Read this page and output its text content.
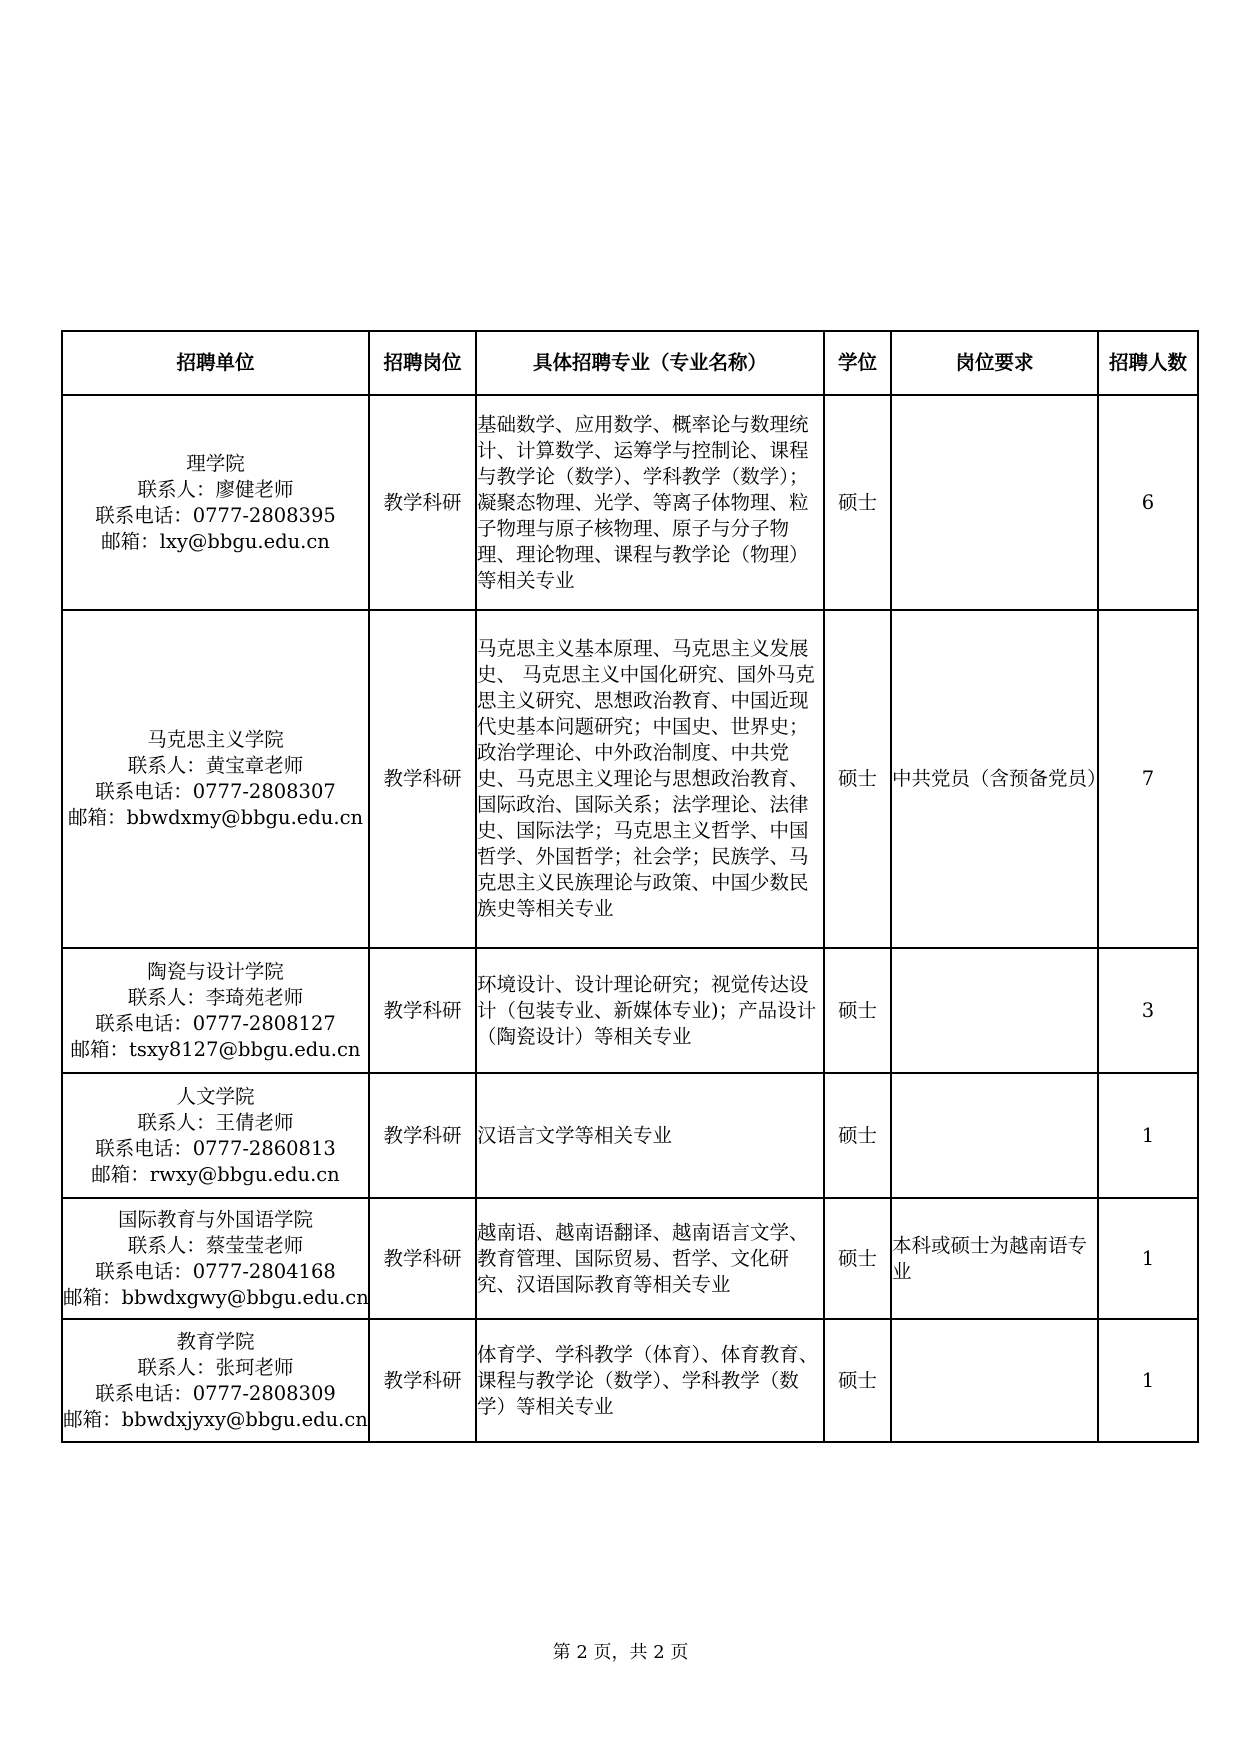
招聘单位	招聘岗位	具体招聘专业（专业名称）	学位	岗位要求	招聘人数

理学院
联系人：廖健老师
联系电话：0777-2808395
邮箱：lxy@bbgu.edu.cn	教学科研	基础数学、应用数学、概率论与数理统计、计算数学、运筹学与控制论、课程与教学论（数学）、学科教学（数学）；凝聚态物理、光学、等离子体物理、粒子物理与原子核物理、原子与分子物理、理论物理、课程与教学论（物理）等相关专业	硕士		6

马克思主义学院
联系人：黄宝章老师
联系电话：0777-2808307
邮箱：bbwdxmy@bbgu.edu.cn	教学科研	马克思主义基本原理、马克思主义发展史、 马克思主义中国化研究、国外马克思主义研究、思想政治教育、中国近现代史基本问题研究；中国史、世界史；政治学理论、中外政治制度、中共党史、马克思主义理论与思想政治教育、国际政治、国际关系；法学理论、法律史、国际法学；马克思主义哲学、中国哲学、外国哲学；社会学；民族学、马克思主义民族理论与政策、中国少数民族史等相关专业	硕士	中共党员（含预备党员）	7

陶瓷与设计学院
联系人：李琦苑老师
联系电话：0777-2808127
邮箱：tsxy8127@bbgu.edu.cn	教学科研	环境设计、设计理论研究；视觉传达设计（包装专业、新媒体专业)；产品设计（陶瓷设计）等相关专业	硕士		3

人文学院
联系人：王倩老师
联系电话：0777-2860813
邮箱：rwxy@bbgu.edu.cn	教学科研	汉语言文学等相关专业	硕士		1

国际教育与外国语学院
联系人：蔡莹莹老师
联系电话：0777-2804168
邮箱：bbwdxgwy@bbgu.edu.cn	教学科研	越南语、越南语翻译、越南语言文学、教育管理、国际贸易、哲学、文化研究、汉语国际教育等相关专业	硕士	本科或硕士为越南语专业	1

教育学院
联系人：张珂老师
联系电话：0777-2808309
邮箱：bbwdxjyxy@bbgu.edu.cn	教学科研	体育学、学科教学（体育）、体育教育、课程与教学论（数学）、学科教学（数学）等相关专业	硕士		1
第 2 页，共 2 页
